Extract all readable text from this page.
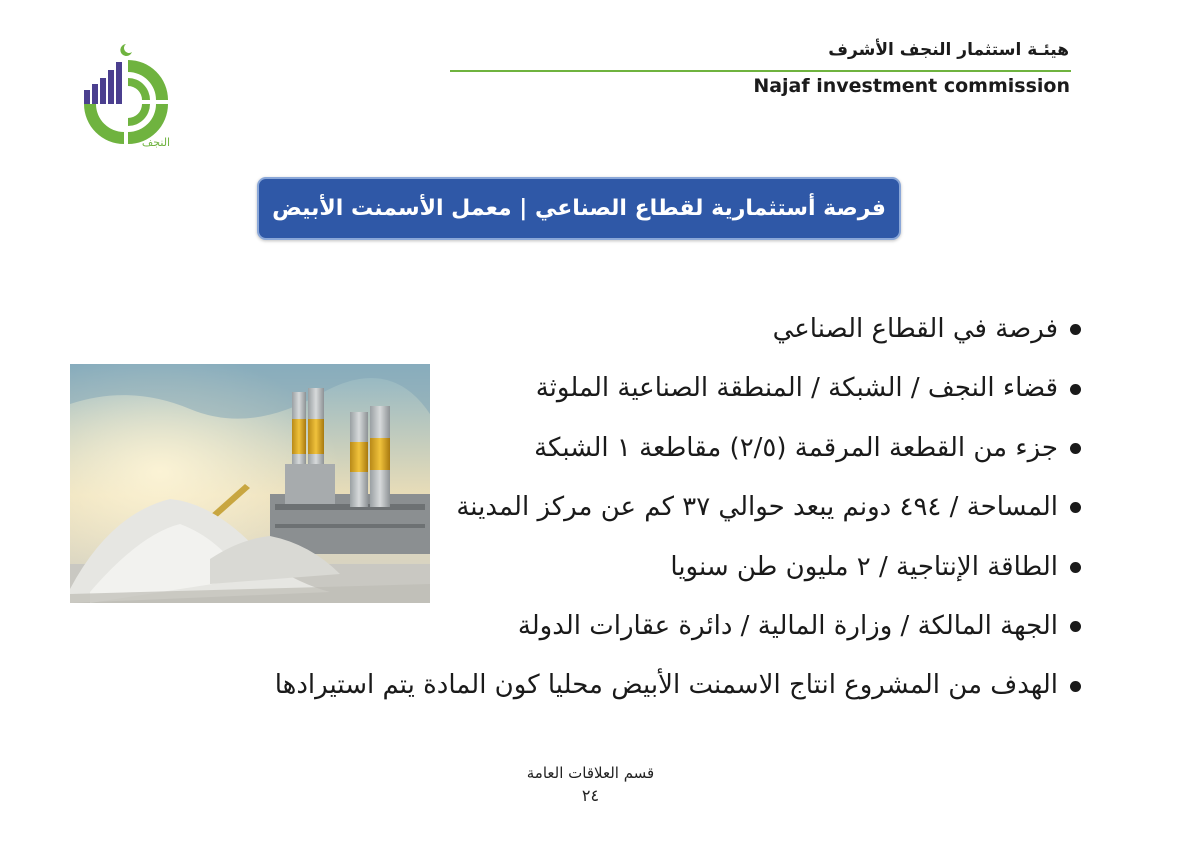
النجف
هيئـة استثمار النجف الأشرف
Najaf investment commission
فرصة أستثمارية لقطاع الصناعي | معمل الأسمنت الأبيض
فرصة في القطاع الصناعي
قضاء النجف / الشبكة / المنطقة الصناعية الملوثة
جزء من القطعة المرقمة (٢/٥) مقاطعة ١ الشبكة
المساحة / ٤٩٤ دونم يبعد حوالي ٣٧ كم عن مركز المدينة
الطاقة الإنتاجية / ٢ مليون طن سنويا
الجهة المالكة / وزارة المالية / دائرة عقارات الدولة
الهدف من المشروع انتاج الاسمنت الأبيض محليا كون المادة يتم استيرادها
قسم العلاقات العامة
٢٤
